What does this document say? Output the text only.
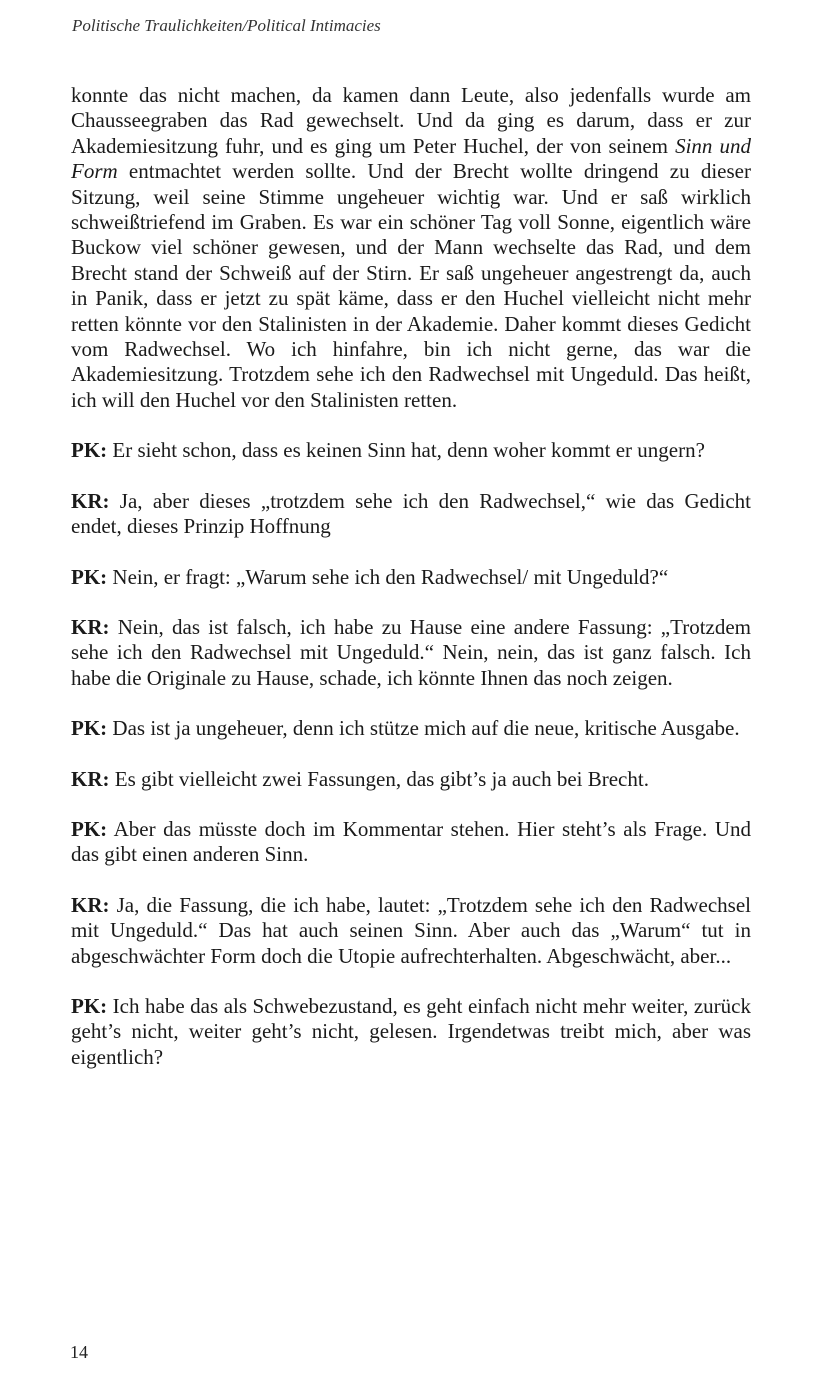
Politische Traulichkeiten/Political Intimacies

konnte das nicht machen, da kamen dann Leute, also jedenfalls wurde am Chausseegraben das Rad gewechselt. Und da ging es darum, dass er zur Akademiesitzung fuhr, und es ging um Peter Huchel, der von seinem Sinn und Form entmachtet werden sollte. Und der Brecht wollte dringend zu dieser Sitzung, weil seine Stimme ungeheuer wichtig war. Und er saß wirklich schweißtriefend im Graben. Es war ein schöner Tag voll Sonne, eigentlich wäre Buckow viel schöner gewesen, und der Mann wechselte das Rad, und dem Brecht stand der Schweiß auf der Stirn. Er saß ungeheuer angestrengt da, auch in Panik, dass er jetzt zu spät käme, dass er den Huchel vielleicht nicht mehr retten könnte vor den Stalinisten in der Akademie. Daher kommt dieses Gedicht vom Radwechsel. Wo ich hinfahre, bin ich nicht gerne, das war die Akademiesitzung. Trotzdem sehe ich den Radwechsel mit Ungeduld. Das heißt, ich will den Huchel vor den Stalinisten retten.

PK: Er sieht schon, dass es keinen Sinn hat, denn woher kommt er ungern?

KR: Ja, aber dieses „trotzdem sehe ich den Radwechsel,“ wie das Gedicht endet, dieses Prinzip Hoffnung

PK: Nein, er fragt: „Warum sehe ich den Radwechsel/ mit Ungeduld?“

KR: Nein, das ist falsch, ich habe zu Hause eine andere Fassung: „Trotzdem sehe ich den Radwechsel mit Ungeduld.“ Nein, nein, das ist ganz falsch. Ich habe die Originale zu Hause, schade, ich könnte Ihnen das noch zeigen.

PK: Das ist ja ungeheuer, denn ich stütze mich auf die neue, kritische Ausgabe.

KR: Es gibt vielleicht zwei Fassungen, das gibt’s ja auch bei Brecht.

PK: Aber das müsste doch im Kommentar stehen. Hier steht’s als Frage. Und das gibt einen anderen Sinn.

KR: Ja, die Fassung, die ich habe, lautet: „Trotzdem sehe ich den Radwechsel mit Ungeduld.“ Das hat auch seinen Sinn. Aber auch das „Warum“ tut in abgeschwächter Form doch die Utopie aufrechterhalten. Abgeschwächt, aber...

PK: Ich habe das als Schwebezustand, es geht einfach nicht mehr weiter, zurück geht’s nicht, weiter geht’s nicht, gelesen. Irgendetwas treibt mich, aber was eigentlich?

14
